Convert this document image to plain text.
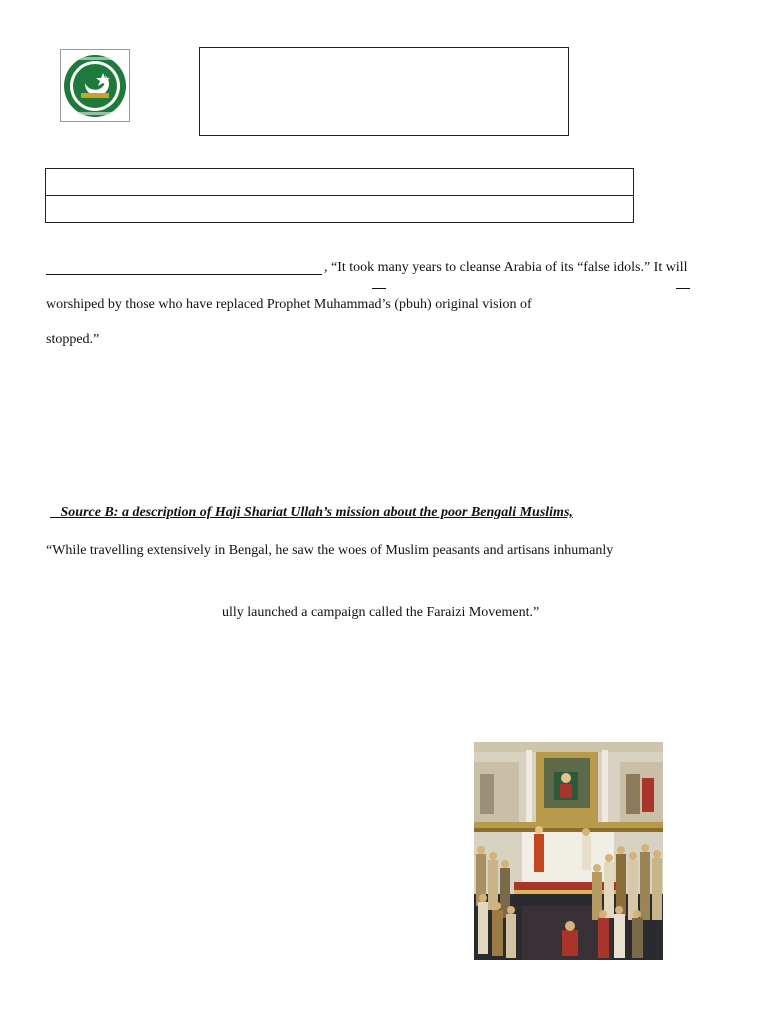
, “It took many years to cleanse Arabia of its “false idols.” It will
worshiped by those who have replaced Prophet Muhammad’s (pbuh) original vision of
stopped.”
Source B: a description of Haji Shariat Ullah’s mission about the poor Bengali Muslims,
“While travelling extensively in Bengal, he saw the woes of Muslim peasants and artisans inhumanly
ully launched a campaign called the Faraizi Movement.”
